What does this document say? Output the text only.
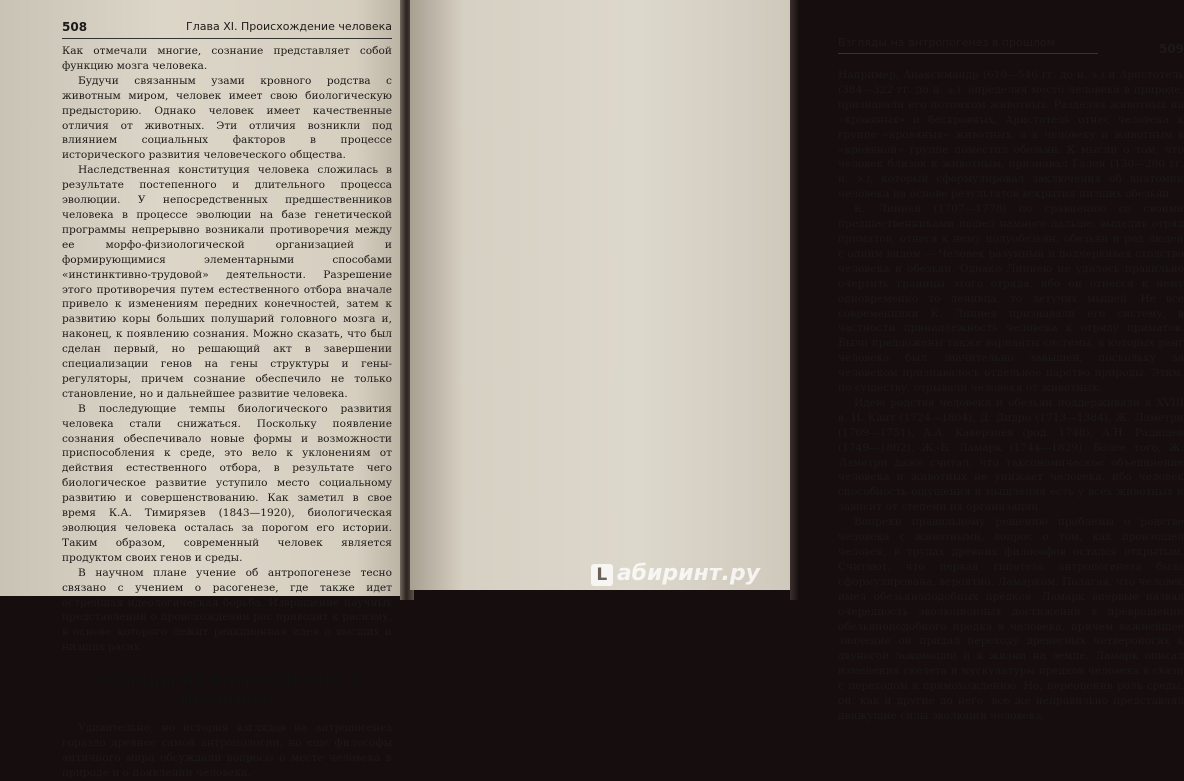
508	Глава XI. Происхождение человека

Как отмечали многие, сознание представляет собой функцию мозга человека.

Будучи связанным узами кровного родства с животным миром, человек имеет свою биологическую предысторию. Однако человек имеет качественные отличия от животных. Эти отличия возникли под влиянием социальных факторов в процессе исторического развития человеческого общества.

Наследственная конституция человека сложилась в результате постепенного и длительного процесса эволюции. У непосредственных предшественников человека в процессе эволюции на базе генетической программы непрерывно возникали противоречия между ее морфо-физиологической организацией и формирующимися элементарными способами «инстинктивно-трудовой» деятельности. Разрешение этого противоречия путем естественного отбора вначале привело к изменениям передних конечностей, затем к развитию коры больших полушарий головного мозга и, наконец, к появлению сознания. Можно сказать, что был сделан первый, но решающий акт в завершении специализации генов на гены структуры и гены-регуляторы, причем сознание обеспечило не только становление, но и дальнейшее развитие человека.

В последующие темпы биологического развития человека стали снижаться. Поскольку появление сознания обеспечивало новые формы и возможности приспособления к среде, это вело к уклонениям от действия естественного отбора, в результате чего биологическое развитие уступило место социальному развитию и совершенствованию. Как заметил в свое время К.А. Тимирязев (1843—1920), биологическая эволюция человека осталась за порогом его истории. Таким образом, современный человек является продуктом своих генов и среды.

В научном плане учение об антропогенезе тесно связано с учением о расогенезе, где также идет острейшая идеологическая борьба. Извращение научных представлений о происхождении рас приводит к расизму, в основе которого лежит реакционная идея о высших и низших расах.

ВЗГЛЯДЫ НА АНТРОПОГЕНЕЗ В ПРОШЛОМ

Удивительно, но история взглядов на антропогенез гораздо древнее самой антропологии, но еще философы античного мира обсуждали вопросы о месте человека в природе и о появлении человека.

Взгляды на антропогенез в прошлом	509

Например, Анаксимандр (610—546 гг. до н. э.) и Аристотель (384—322 гг. до н. э.), определяя место человека в природе, признавали его потомком животных. Разделяя животных на «кровяных» и бескровных, Аристотель отнес человека к группе «кровяных» животных, а к человеку и животным в «кровяной» группе поместил обезьян. К мысли о том, что человек близок к животным, признавал Гален (130—200 гг. н. э.), который сформулировал заключения об анатомии человека на основе результатов вскрытия низших обезьян.

К. Линней (1707—1778) по сравнению со своими предшественниками пошел намного дальше, выделив отряд приматов, отнеся к нему полуобезьян, обезьян и род людей с одним видом — Человек разумный и подчеркивая сходство человека и обезьян. Однако Линнею не удалось правильно очертить границы этого отряда, ибо он отнесся к нему одновременно то ленивца, то летучих мышей. Не все современники К. Линнея признавали его систему, в частности принадлежность человека к отряду приматов. Были предложены также варианты системы, в которых ранг человека был значительно завышен, поскольку за человеком признавалось отдельное царство природы. Этим, по существу, отрывали человека от животных.

Идею родства человека и обезьян поддерживали в XVIII в. И. Кант (1724—1804), Д. Дидро (1713—1384), Ж. Ламетри (1709—1751), А.А. Каверзнев (род. 1748), А.Н. Радищев (1749—1802), Ж.-Б. Ламарк (1744—1829). Более того, Ж. Ламетри даже считал, что таксономическое объединение человека и животных не унижает человека, ибо человек способность ощущения и мышления есть у всех животных и зависит от степени их организации.

Вопреки правильному решению проблемы о родстве человека с животными, вопрос о том, как произошел человек, в трудах древних философов остался открытым. Считают, что первая гипотеза антропогенеза была сформулирована, вероятно, Ламарком. Полагая, что человек имел обезьяноподобных предков, Ламарк впервые назвал очередность эволюционных достижений в превращении обезьяноподобного предка в человека, причем важнейшее значение он придал переходу древесных четвероногих к двуногой локомоции и к жизни на земле. Ламарк описал изменения скелета и мускулатуры предков человека в связи с переходом к прямохождению. Но, переоценив роль среды, он, как и другие до него, все же неправильно представлял движущие силы эволюции человека.

L абиринт.ру
